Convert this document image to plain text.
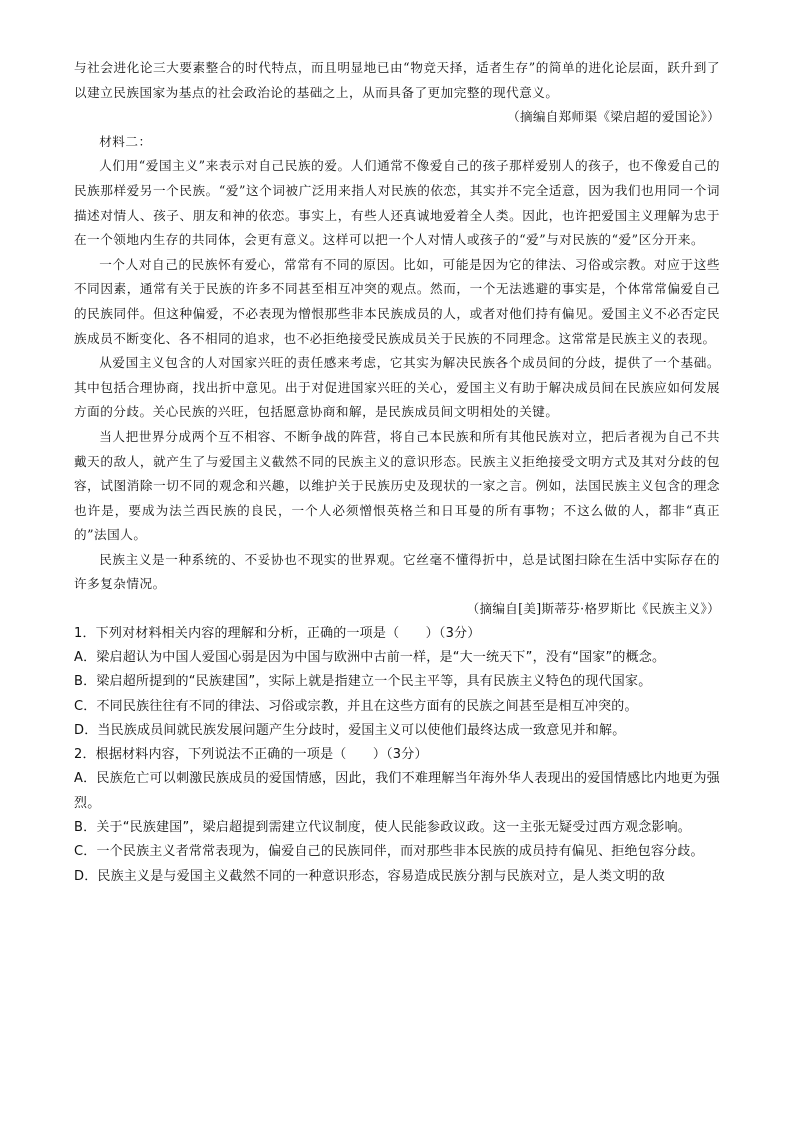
与社会进化论三大要素整合的时代特点，而且明显地已由“物竞天择，适者生存”的简单的进化论层面，跃升到了以建立民族国家为基点的社会政治论的基础之上，从而具备了更加完整的现代意义。

（摘编自郑师渠《梁启超的爱国论》）

材料二：

人们用“爱国主义”来表示对自己民族的爱。人们通常不像爱自己的孩子那样爱别人的孩子，也不像爱自己的民族那样爱另一个民族。“爱”这个词被广泛用来指人对民族的依恋，其实并不完全适意，因为我们也用同一个词描述对情人、孩子、朋友和神的依恋。事实上，有些人还真诚地爱着全人类。因此，也许把爱国主义理解为忠于在一个领地内生存的共同体，会更有意义。这样可以把一个人对情人或孩子的“爱”与对民族的“爱”区分开来。

一个人对自己的民族怀有爱心，常常有不同的原因。比如，可能是因为它的律法、习俗或宗教。对应于这些不同因素，通常有关于民族的许多不同甚至相互冲突的观点。然而，一个无法逃避的事实是，个体常常偏爱自己的民族同伴。但这种偏爱，不必表现为憎恨那些非本民族成员的人，或者对他们持有偏见。爱国主义不必否定民族成员不断变化、各不相同的追求，也不必拒绝接受民族成员关于民族的不同理念。这常常是民族主义的表现。

从爱国主义包含的人对国家兴旺的责任感来考虑，它其实为解决民族各个成员间的分歧，提供了一个基础。其中包括合理协商，找出折中意见。出于对促进国家兴旺的关心，爱国主义有助于解决成员间在民族应如何发展方面的分歧。关心民族的兴旺，包括愿意协商和解，是民族成员间文明相处的关键。

当人把世界分成两个互不相容、不断争战的阵营，将自己本民族和所有其他民族对立，把后者视为自己不共戴天的敌人，就产生了与爱国主义截然不同的民族主义的意识形态。民族主义拒绝接受文明方式及其对分歧的包容，试图消除一切不同的观念和兴趣，以维护关于民族历史及现状的一家之言。例如，法国民族主义包含的理念也许是，要成为法兰西民族的良民，一个人必须憎恨英格兰和日耳曼的所有事物；不这么做的人，都非“真正的”法国人。

民族主义是一种系统的、不妥协也不现实的世界观。它丝毫不懂得折中，总是试图扫除在生活中实际存在的许多复杂情况。

（摘编自[美]斯蒂芬·格罗斯比《民族主义》）

1．下列对材料相关内容的理解和分析，正确的一项是（　　）（3分）

A．梁启超认为中国人爱国心弱是因为中国与欧洲中古前一样，是“大一统天下”，没有“国家”的概念。

B．梁启超所提到的“民族建国”，实际上就是指建立一个民主平等，具有民族主义特色的现代国家。

C．不同民族往往有不同的律法、习俗或宗教，并且在这些方面有的民族之间甚至是相互冲突的。

D．当民族成员间就民族发展问题产生分歧时，爱国主义可以使他们最终达成一致意见并和解。

2．根据材料内容，下列说法不正确的一项是（　　）（3分）

A．民族危亡可以刺激民族成员的爱国情感，因此，我们不难理解当年海外华人表现出的爱国情感比内地更为强烈。

B．关于“民族建国”，梁启超提到需建立代议制度，使人民能参政议政。这一主张无疑受过西方观念影响。

C．一个民族主义者常常表现为，偏爱自己的民族同伴，而对那些非本民族的成员持有偏见、拒绝包容分歧。

D．民族主义是与爱国主义截然不同的一种意识形态，容易造成民族分割与民族对立，是人类文明的敌
